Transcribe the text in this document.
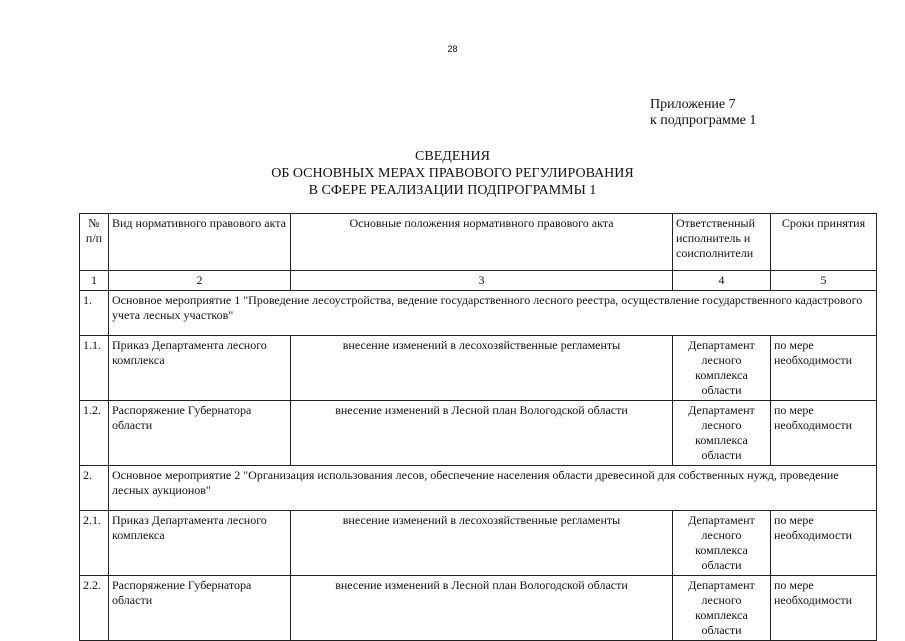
28
Приложение 7
к подпрограмме 1
СВЕДЕНИЯ
ОБ ОСНОВНЫХ МЕРАХ ПРАВОВОГО РЕГУЛИРОВАНИЯ
В СФЕРЕ РЕАЛИЗАЦИИ ПОДПРОГРАММЫ 1
№ п/п	Вид нормативного правового акта	Основные положения нормативного правового акта	Ответственный исполнитель и соисполнители	Сроки принятия
1	2	3	4	5
1.	Основное мероприятие 1 "Проведение лесоустройства, ведение государственного лесного реестра, осуществление государственного кадастрового учета лесных участков"			
1.1.	Приказ Департамента лесного комплекса	внесение изменений в лесохозяйственные регламенты	Департамент лесного комплекса области	по мере необходимости
1.2.	Распоряжение Губернатора области	внесение изменений в Лесной план Вологодской области	Департамент лесного комплекса области	по мере необходимости
2.	Основное мероприятие 2 "Организация использования лесов, обеспечение населения области древесиной для собственных нужд, проведение лесных аукционов"			
2.1.	Приказ Департамента лесного комплекса	внесение изменений в лесохозяйственные регламенты	Департамент лесного комплекса области	по мере необходимости
2.2.	Распоряжение Губернатора области	внесение изменений в Лесной план Вологодской области	Департамент лесного комплекса области	по мере необходимости
